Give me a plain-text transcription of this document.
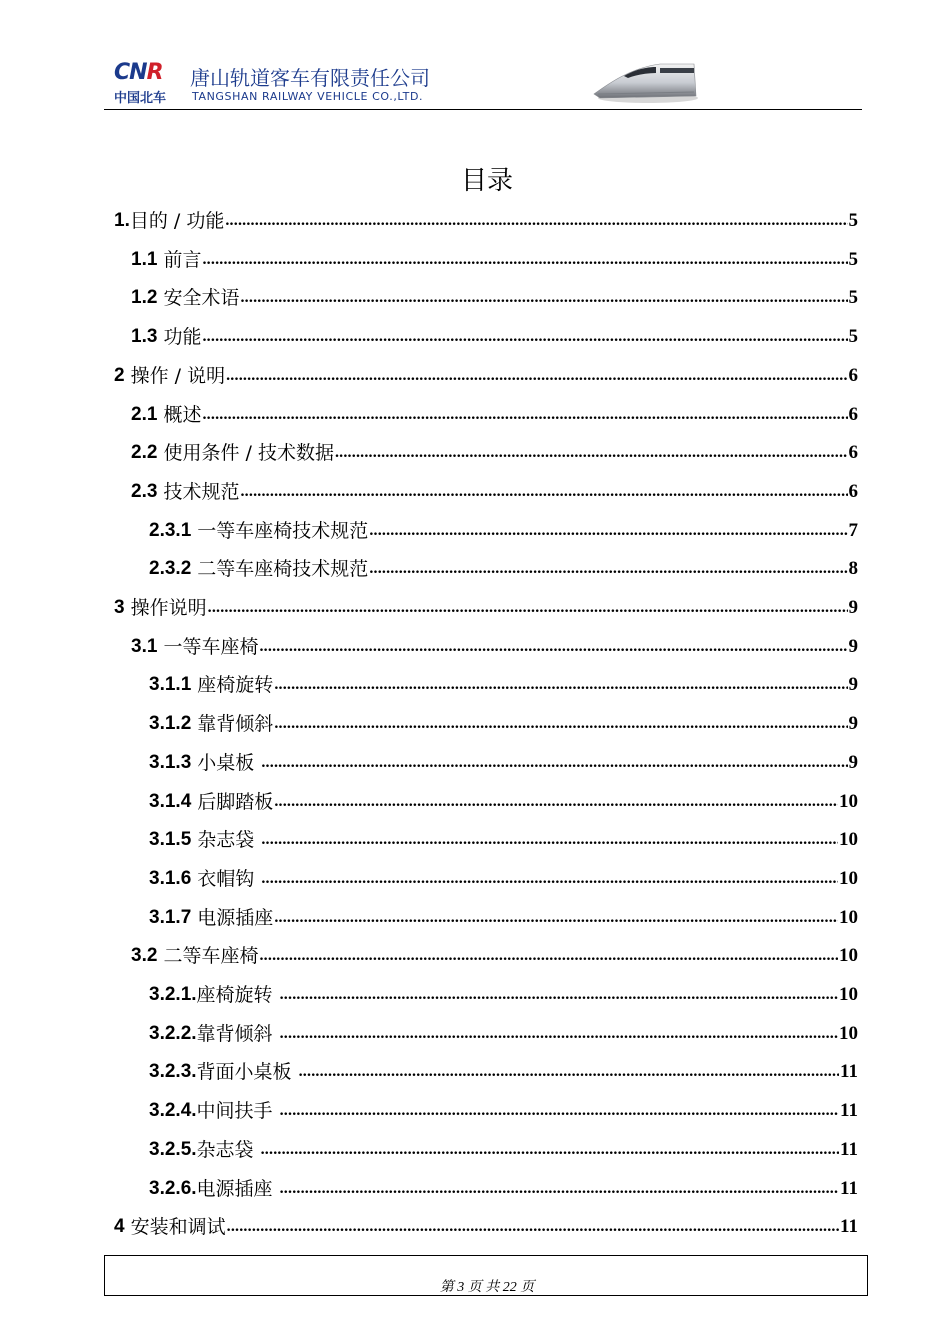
CNR
中国北车
唐山轨道客车有限责任公司
TANGSHAN RAILWAY VEHICLE CO.,LTD.
目录
1. 目的 / 功能 .....	5
1.1 前言 .....	5
1.2 安全术语 .....	5
1.3 功能 .....	5
2 操作 / 说明 .....	6
2.1 概述 .....	6
2.2 使用条件 / 技术数据 .....	6
2.3 技术规范 .....	6
2.3.1 一等车座椅技术规范 .....	7
2.3.2 二等车座椅技术规范 .....	8
3 操作说明 .....	9
3.1 一等车座椅 .....	9
3.1.1 座椅旋转 .....	9
3.1.2 靠背倾斜 .....	9
3.1.3 小桌板 .....	9
3.1.4 后脚踏板 .....	10
3.1.5 杂志袋 .....	10
3.1.6 衣帽钩 .....	10
3.1.7 电源插座 .....	10
3.2 二等车座椅 .....	10
3.2.1. 座椅旋转 .....	10
3.2.2. 靠背倾斜 .....	10
3.2.3. 背面小桌板 .....	11
3.2.4. 中间扶手 .....	11
3.2.5. 杂志袋 .....	11
3.2.6. 电源插座 .....	11
4 安装和调试 .....	11
第 3 页 共 22 页
